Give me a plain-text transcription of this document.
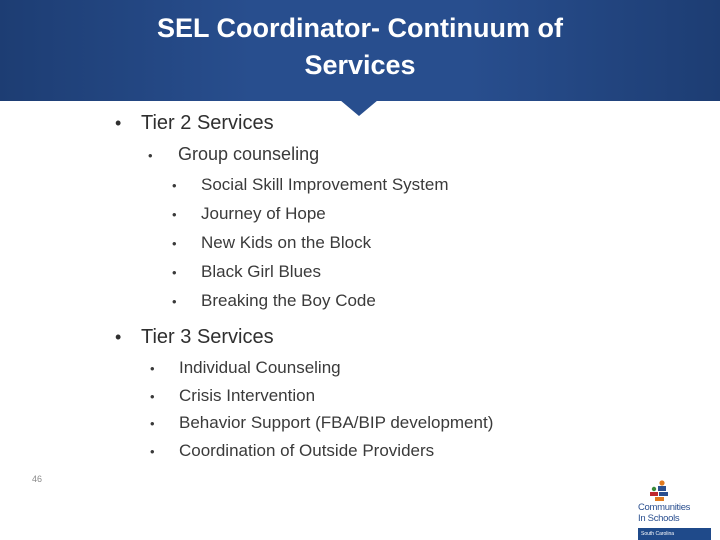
SEL Coordinator- Continuum of
Services
• Tier 2 Services
•	Group counseling
•	Social Skill Improvement System
•	Journey of Hope
•	New Kids on the Block
•	Black Girl Blues
•	Breaking the Boy Code
• Tier 3 Services
•	Individual Counseling
•	Crisis Intervention
•	Behavior Support (FBA/BIP development)
•	Coordination of Outside Providers
46
Communities
In Schools
South Carolina
